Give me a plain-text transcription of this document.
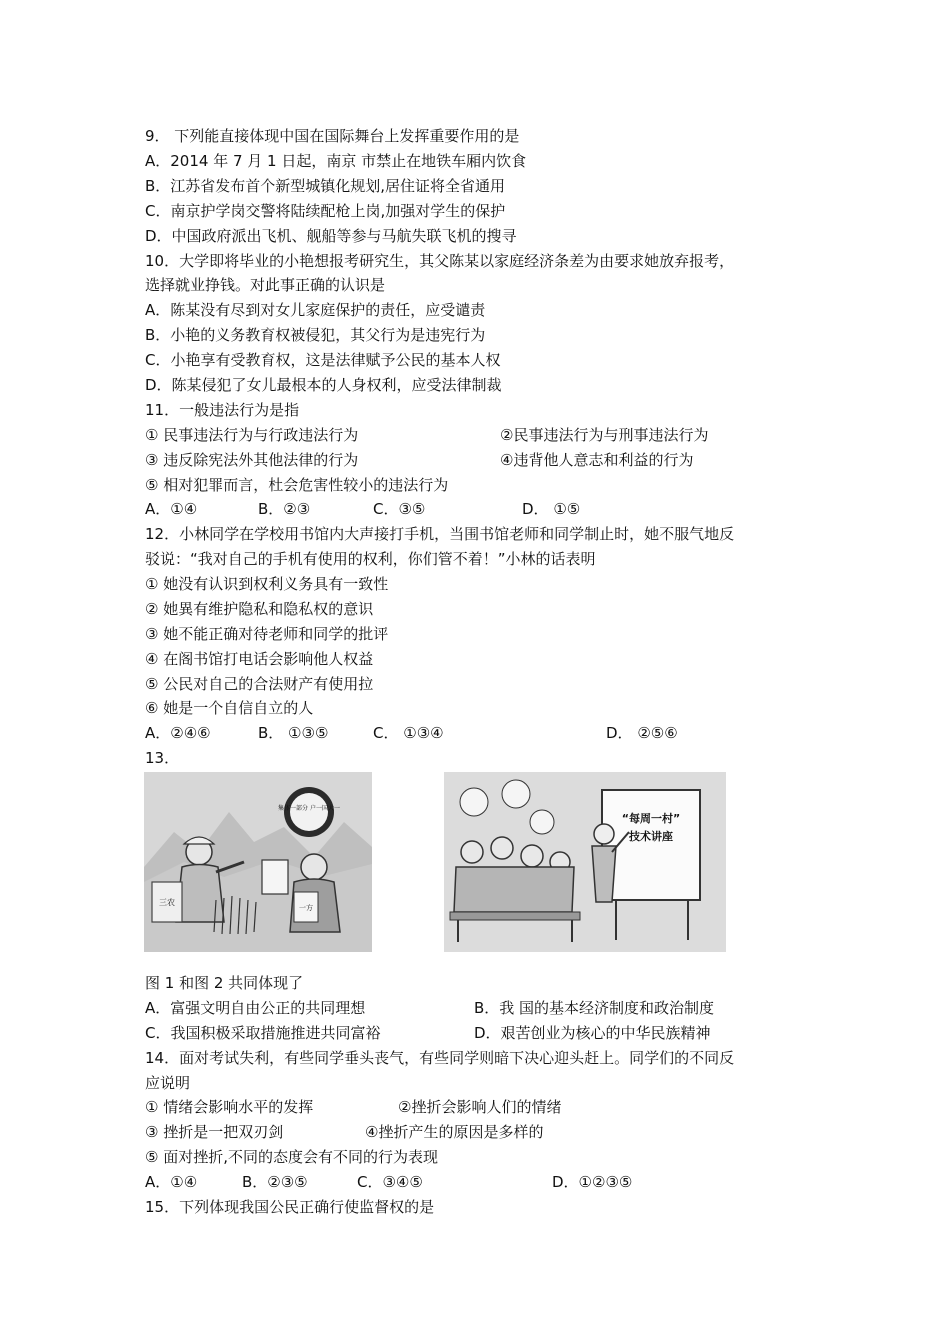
9． 下列能直接体现中国在国际舞台上发挥重要作用的是
A．2014 年 7 月 1 日起，南京 市禁止在地铁车厢内饮食
B．江苏省发布首个新型城镇化规划,居住证将全省通用
C．南京护学岗交警将陆续配枪上岗,加强对学生的保护
D．中国政府派出飞机、舰船等参与马航失联飞机的搜寻
10．大学即将毕业的小艳想报考研究生，其父陈某以家庭经济条差为由要求她放弃报考，
选择就业挣钱。对此事正确的认识是
A．陈某没有尽到对女儿家庭保护的责任，应受谴责
B．小艳的义务教育权被侵犯，其父行为是违宪行为
C．小艳享有受教育权，这是法律赋予公民的基本人权
D．陈某侵犯了女儿最根本的人身权利，应受法律制裁
11．一般违法行为是指
① 民事违法行为与行政违法行为	②民事违法行为与刑事违法行为
③ 违反除宪法外其他法律的行为	④违背他人意志和利益的行为
⑤ 相对犯罪而言，杜会危害性较小的违法行为
A．①④	B．②③	C．③⑤	D． ①⑤
12．小林同学在学校用书馆内大声接打手机，当围书馆老师和同学制止时，她不服气地反
驳说：“我对自己的手机有使用的权利，你们管不着！”小林的话表明
① 她没有认识到权利义务具有一致性
② 她異有维护隐私和隐私权的意识
③ 她不能正确对待老师和同学的批评
④ 在阁书馆打电话会影响他人权益
⑤ 公民对自己的合法财产有使用拉
⑥ 她是一个自信自立的人
A．②④⑥	B． ①③⑤	C． ①③④	D． ②⑤⑥
13．
集体一部分 户一国大一
三农
一方
“每周一村”
技术讲座
图 1 和图 2 共同体现了
A．富强文明自由公正的共同理想	B．我 国的基本经济制度和政治制度
C．我国积极采取措施推进共同富裕	D．艰苦创业为核心的中华民族精神
14．面对考试失利，有些同学垂头丧气，有些同学则暗下决心迎头赶上。同学们的不同反
应说明
① 情绪会影响水平的发挥	②挫折会影响人们的情绪
③ 挫折是一把双刃剑	④挫折产生的原因是多样的
⑤ 面对挫折,不同的态度会有不同的行为表现
A．①④	B．②③⑤	C．③④⑤	D．①②③⑤
15．下列体现我国公民正确行使监督权的是
